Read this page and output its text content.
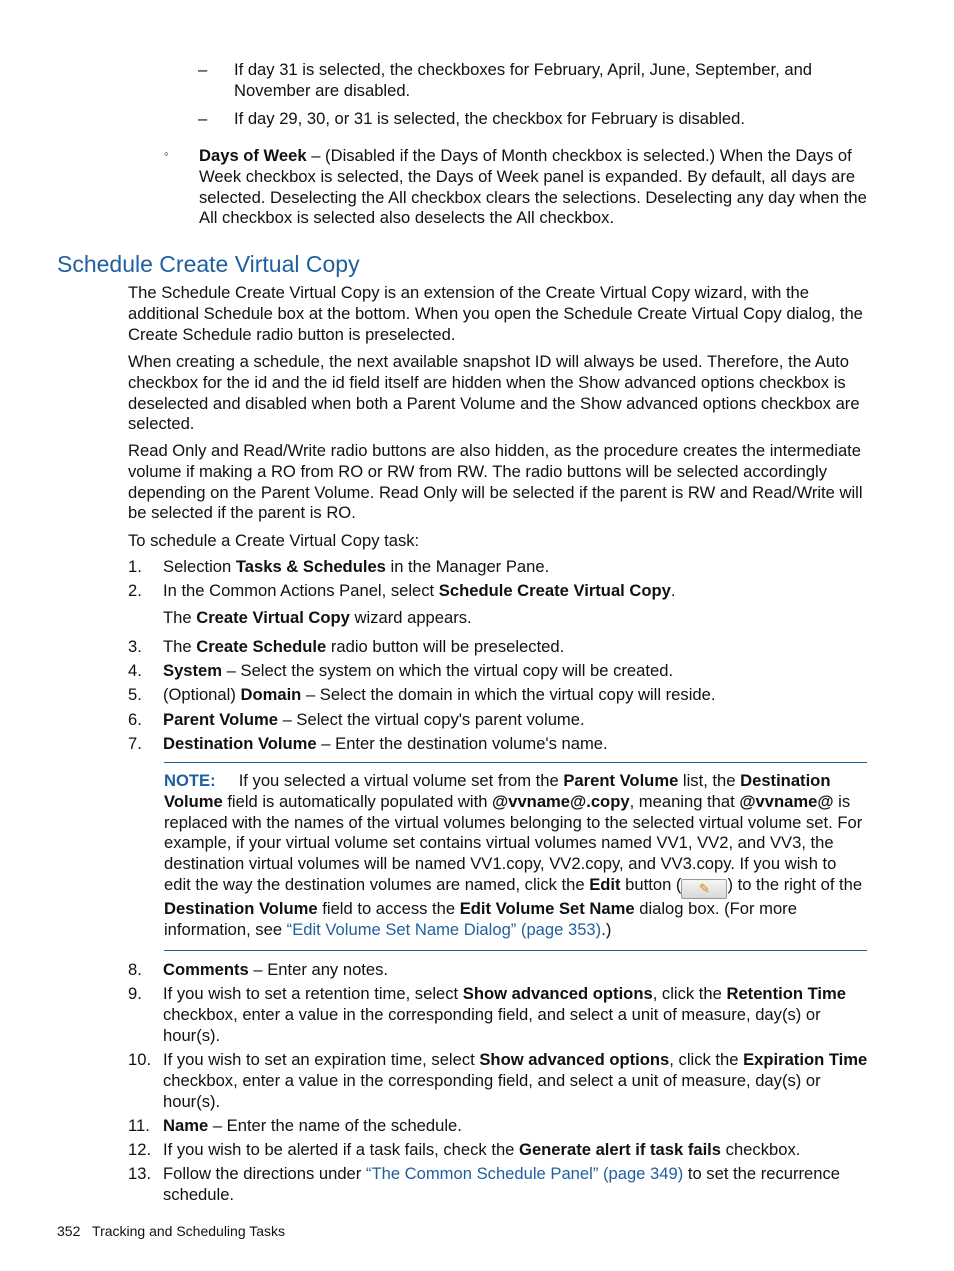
– If day 31 is selected, the checkboxes for February, April, June, September, and November are disabled.
– If day 29, 30, or 31 is selected, the checkbox for February is disabled.
◦ Days of Week – (Disabled if the Days of Month checkbox is selected.) When the Days of Week checkbox is selected, the Days of Week panel is expanded. By default, all days are selected. Deselecting the All checkbox clears the selections. Deselecting any day when the All checkbox is selected also deselects the All checkbox.
Schedule Create Virtual Copy

The Schedule Create Virtual Copy is an extension of the Create Virtual Copy wizard, with the additional Schedule box at the bottom. When you open the Schedule Create Virtual Copy dialog, the Create Schedule radio button is preselected.

When creating a schedule, the next available snapshot ID will always be used. Therefore, the Auto checkbox for the id and the id field itself are hidden when the Show advanced options checkbox is deselected and disabled when both a Parent Volume and the Show advanced options checkbox are selected.

Read Only and Read/Write radio buttons are also hidden, as the procedure creates the intermediate volume if making a RO from RO or RW from RW. The radio buttons will be selected accordingly depending on the Parent Volume. Read Only will be selected if the parent is RW and Read/Write will be selected if the parent is RO.

To schedule a Create Virtual Copy task:

1.	Selection Tasks & Schedules in the Manager Pane.
2.	In the Common Actions Panel, select Schedule Create Virtual Copy.
The Create Virtual Copy wizard appears.
3.	The Create Schedule radio button will be preselected.
4.	System – Select the system on which the virtual copy will be created.
5.	(Optional) Domain – Select the domain in which the virtual copy will reside.
6.	Parent Volume – Select the virtual copy's parent volume.
7.	Destination Volume – Enter the destination volume's name.
NOTE: If you selected a virtual volume set from the Parent Volume list, the Destination Volume field is automatically populated with @vvname@.copy, meaning that @vvname@ is replaced with the names of the virtual volumes belonging to the selected virtual volume set. For example, if your virtual volume set contains virtual volumes named VV1, VV2, and VV3, the destination virtual volumes will be named VV1.copy, VV2.copy, and VV3.copy. If you wish to edit the way the destination volumes are named, click the Edit button ( ✎ ) to the right of the Destination Volume field to access the Edit Volume Set Name dialog box. (For more information, see “Edit Volume Set Name Dialog” (page 353).)
8.	Comments – Enter any notes.
9.	If you wish to set a retention time, select Show advanced options, click the Retention Time checkbox, enter a value in the corresponding field, and select a unit of measure, day(s) or hour(s).
10. If you wish to set an expiration time, select Show advanced options, click the Expiration Time checkbox, enter a value in the corresponding field, and select a unit of measure, day(s) or hour(s).
11. Name – Enter the name of the schedule.
12. If you wish to be alerted if a task fails, check the Generate alert if task fails checkbox.
13. Follow the directions under “The Common Schedule Panel” (page 349) to set the recurrence schedule.
352 Tracking and Scheduling Tasks
